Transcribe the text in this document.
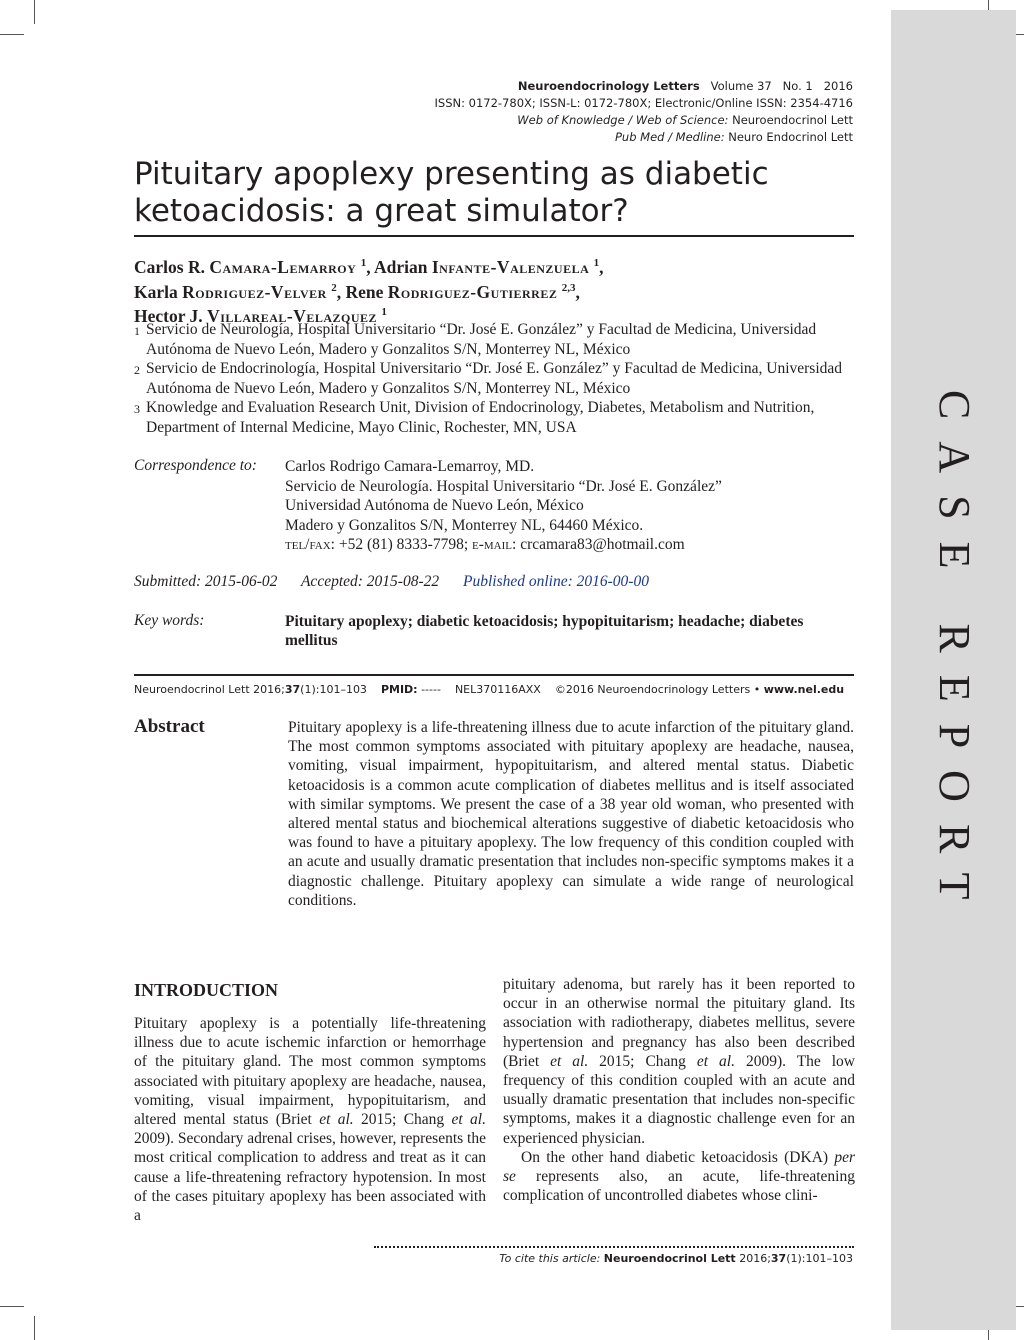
CASE REPORT
Neuroendocrinology Letters Volume 37 No. 1 2016
ISSN: 0172-780X; ISSN-L: 0172-780X; Electronic/Online ISSN: 2354-4716
Web of Knowledge / Web of Science: Neuroendocrinol Lett
Pub Med / Medline: Neuro Endocrinol Lett
Pituitary apoplexy presenting as diabetic ketoacidosis: a great simulator?
Carlos R. Camara-Lemarroy $^1$, Adrian Infante-Valenzuela $^1$,
Karla Rodriguez-Velver $^2$, Rene Rodriguez-Gutierrez $^{2,3}$,
Hector J. Villareal-Velazquez $^1$
1 Servicio de Neurología, Hospital Universitario “Dr. José E. González” y Facultad de Medicina, Universidad Autónoma de Nuevo León, Madero y Gonzalitos S/N, Monterrey NL, México
2 Servicio de Endocrinología, Hospital Universitario “Dr. José E. González” y Facultad de Medicina, Universidad Autónoma de Nuevo León, Madero y Gonzalitos S/N, Monterrey NL, México
3 Knowledge and Evaluation Research Unit, Division of Endocrinology, Diabetes, Metabolism and Nutrition, Department of Internal Medicine, Mayo Clinic, Rochester, MN, USA
Correspondence to: Carlos Rodrigo Camara-Lemarroy, MD.
Servicio de Neurología. Hospital Universitario “Dr. José E. González”
Universidad Autónoma de Nuevo León, México
Madero y Gonzalitos S/N, Monterrey NL, 64460 México.
tel/fax: +52 (81) 8333-7798; e-mail: crcamara83@hotmail.com
Submitted: 2015-06-02 Accepted: 2015-08-22 Published online: 2016-00-00
Key words:	Pituitary apoplexy; diabetic ketoacidosis; hypopituitarism; headache; diabetes mellitus
Neuroendocrinol Lett 2016;37(1):101–103 PMID: ----- NEL370116AXX ©2016 Neuroendocrinology Letters • www.nel.edu
Abstract	Pituitary apoplexy is a life-threatening illness due to acute infarction of the pituitary gland. The most common symptoms associated with pituitary apoplexy are headache, nausea, vomiting, visual impairment, hypopituitarism, and altered mental status. Diabetic ketoacidosis is a common acute complication of diabetes mellitus and is itself associated with similar symptoms. We present the case of a 38 year old woman, who presented with altered mental status and biochemical alterations suggestive of diabetic ketoacidosis who was found to have a pituitary apoplexy. The low frequency of this condition coupled with an acute and usually dramatic presentation that includes non-specific symptoms makes it a diagnostic challenge. Pituitary apoplexy can simulate a wide range of neurological conditions.

INTRODUCTION

Pituitary apoplexy is a potentially life-threatening illness due to acute ischemic infarction or hemorrhage of the pituitary gland. The most common symptoms associated with pituitary apoplexy are headache, nausea, vomiting, visual impairment, hypopituitarism, and altered mental status (Briet et al. 2015; Chang et al. 2009). Secondary adrenal crises, however, represents the most critical complication to address and treat as it can cause a life-threatening refractory hypotension. In most of the cases pituitary apoplexy has been associated with a

pituitary adenoma, but rarely has it been reported to occur in an otherwise normal the pituitary gland. Its association with radiotherapy, diabetes mellitus, severe hypertension and pregnancy has also been described (Briet et al. 2015; Chang et al. 2009). The low frequency of this condition coupled with an acute and usually dramatic presentation that includes non-specific symptoms, makes it a diagnostic challenge even for an experienced physician.

On the other hand diabetic ketoacidosis (DKA) per se represents also, an acute, life-threatening complication of uncontrolled diabetes whose clini-

To cite this article: Neuroendocrinol Lett 2016;37(1):101–103
